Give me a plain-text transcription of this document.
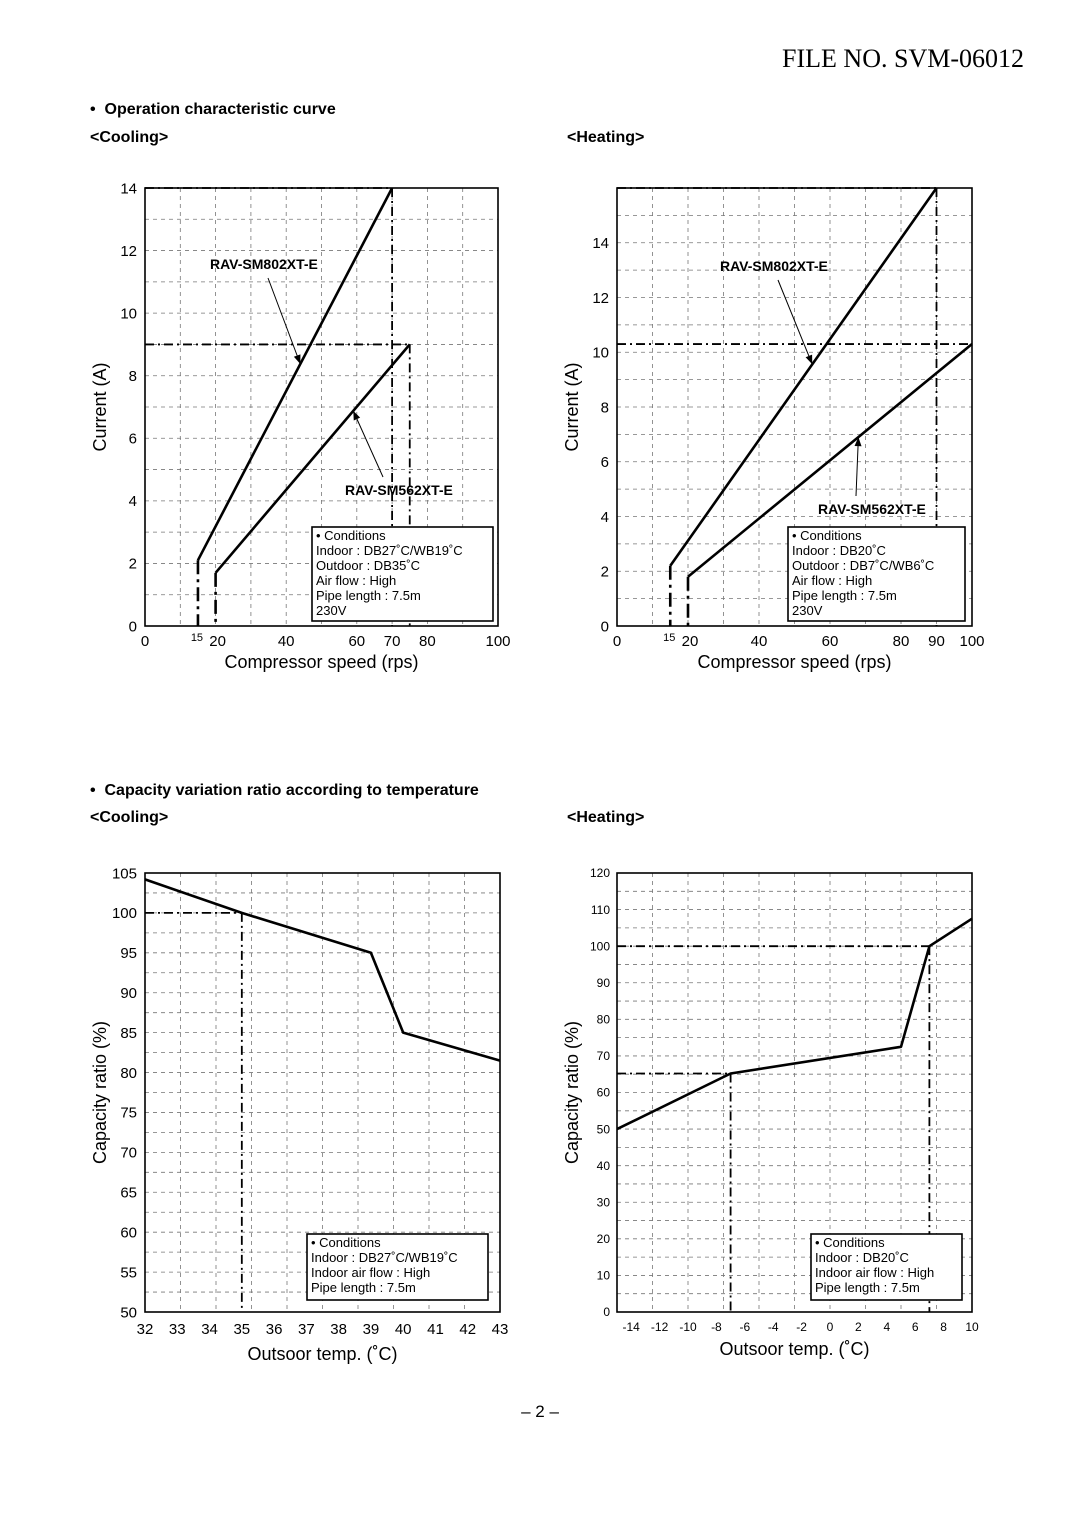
FILE NO. SVM-06012
•  Operation characteristic curve
<Cooling>	<Heating>
•  Capacity variation ratio according to temperature
<Cooling>	<Heating>
0
2
4
6
8
10
12
14
0	15 20	40	60 70 80	100
Compressor speed (rps)
Current (A)
RAV-SM802XT-E
RAV-SM562XT-E
• Conditions
Indoor : DB27˚C/WB19˚C
Outdoor : DB35˚C
Air flow : High
Pipe length : 7.5m
230V
0
2
4
6
8
10
12
14
0	15 20	40	60	80 90 100
Compressor speed (rps)
Current (A)
RAV-SM802XT-E
RAV-SM562XT-E
• Conditions
Indoor : DB20˚C
Outdoor : DB7˚C/WB6˚C
Air flow : High
Pipe length : 7.5m
230V
50
55
60
65
70
75
80
85
90
95
100
105
32 33 34 35 36 37 38 39 40 41 42 43
Outsoor temp. (˚C)
Capacity ratio (%)
• Conditions
Indoor : DB27˚C/WB19˚C
Indoor air flow : High
Pipe length : 7.5m
0
10
20
30
40
50
60
70
80
90
100
110
120
-14 -12 -10 -8 -6 -4 -2 0 2 4 6 8 10
Outsoor temp. (˚C)
Capacity ratio (%)
• Conditions
Indoor : DB20˚C
Indoor air flow : High
Pipe length : 7.5m
– 2 –
